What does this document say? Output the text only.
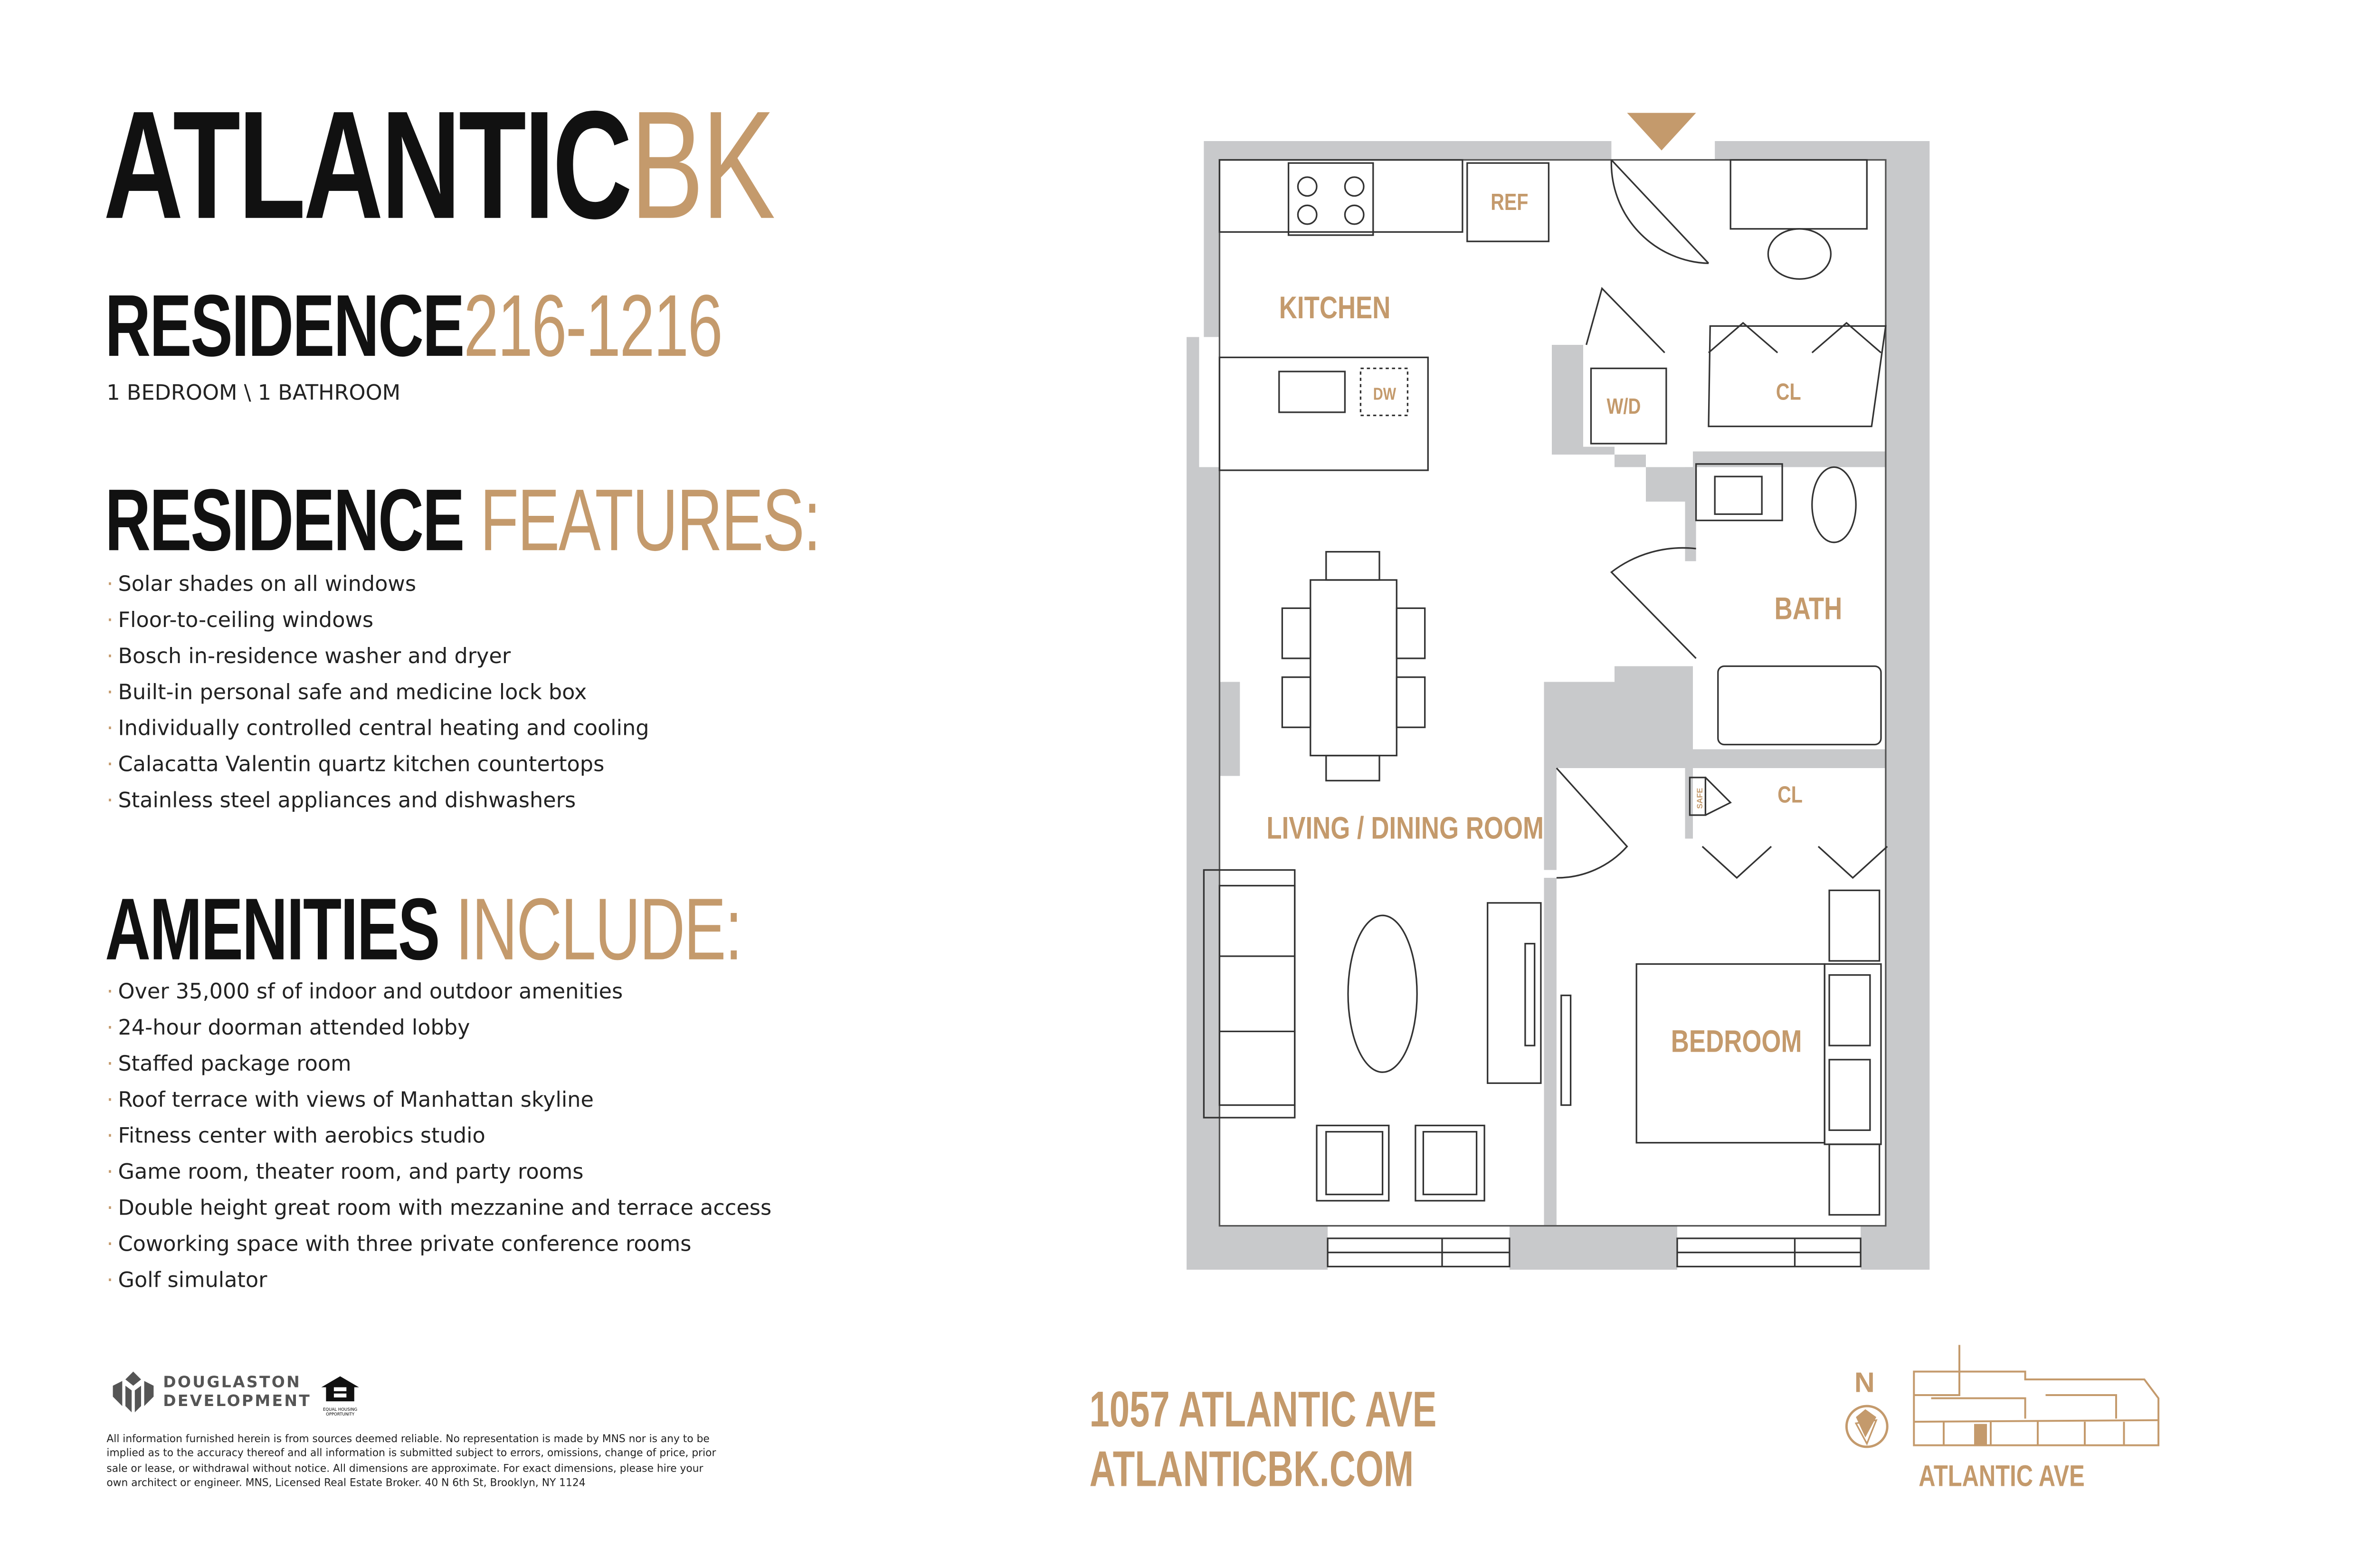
ATLANTICBK
RESIDENCE216-1216
1 BEDROOM \ 1 BATHROOM
RESIDENCE FEATURES:
· Solar shades on all windows
· Floor-to-ceiling windows
· Bosch in-residence washer and dryer
· Built-in personal safe and medicine lock box
· Individually controlled central heating and cooling
· Calacatta Valentin quartz kitchen countertops
· Stainless steel appliances and dishwashers
AMENITIES INCLUDE:
· Over 35,000 sf of indoor and outdoor amenities
· 24-hour doorman attended lobby
· Staffed package room
· Roof terrace with views of Manhattan skyline
· Fitness center with aerobics studio
· Game room, theater room, and party rooms
· Double height great room with mezzanine and terrace access
· Coworking space with three private conference rooms
· Golf simulator
DOUGLASTON
DEVELOPMENT
EQUAL HOUSING OPPORTUNITY
All information furnished herein is from sources deemed reliable. No representation is made by MNS nor is any to be implied as to the accuracy thereof and all information is submitted subject to errors, omissions, change of price, prior sale or lease, or withdrawal without notice. All dimensions are approximate. For exact dimensions, please hire your own architect or engineer. MNS, Licensed Real Estate Broker. 40 N 6th St, Brooklyn, NY 1124
1057 ATLANTIC AVE
ATLANTICBK.COM
KITCHEN
REF
DW
W/D
CL
BATH
LIVING / DINING ROOM
SAFE	CL
BEDROOM
N
ATLANTIC AVE
